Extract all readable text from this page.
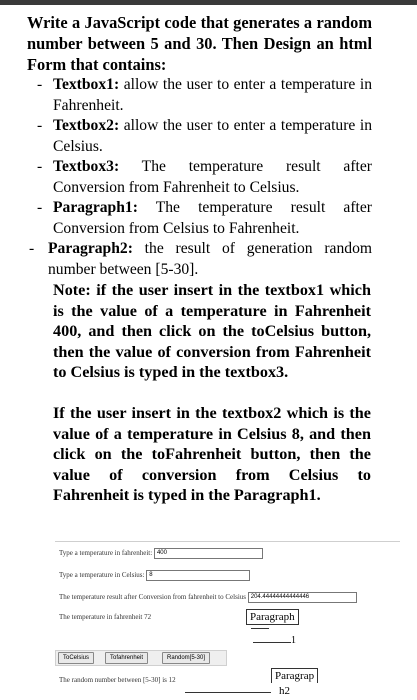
Write a JavaScript code that generates a random number between 5 and 30. Then Design an html Form that contains:
- Textbox1: allow the user to enter a temperature in Fahrenheit.
- Textbox2: allow the user to enter a temperature in Celsius.
- Textbox3: The temperature result after Conversion from Fahrenheit to Celsius.
- Paragraph1: The temperature result after Conversion from Celsius to Fahrenheit.
- Paragraph2: the result of generation random number between [5-30].
Note: if the user insert in the textbox1 which is the value of a temperature in Fahrenheit 400, and then click on the toCelsius button, then the value of conversion from Fahrenheit to Celsius is typed in the textbox3.
If the user insert in the textbox2 which is the value of a temperature in Celsius 8, and then click on the toFahrenheit button, then the value of conversion from Celsius to Fahrenheit is typed in the Paragraph1.
Type a temperature in fahrenheit: 400
Type a temperature in Celsius: 8
The temperature result after Conversion from fahrenheit to Celsius 204.44444444444446
The temperature in fahrenheit 72	Paragraph
1
ToCelsius	Tofahrenheit	Random[5-30]
The random number between [5-30] is 12	Paragrap
h2
